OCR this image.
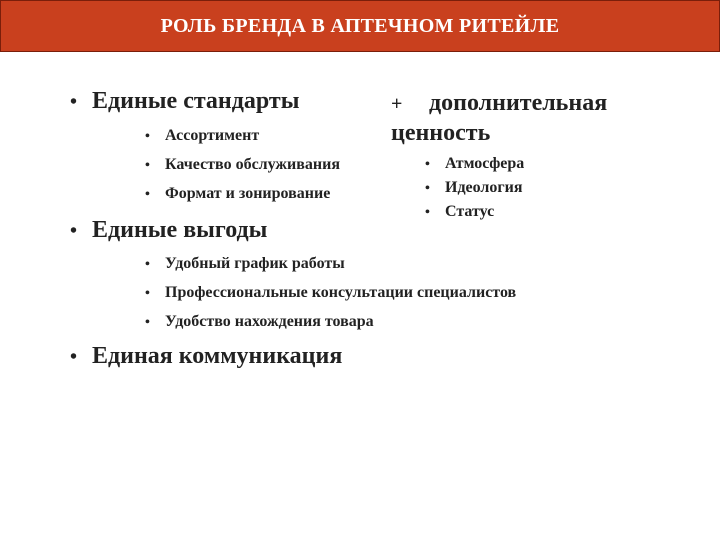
РОЛЬ БРЕНДА В АПТЕЧНОМ РИТЕЙЛЕ
• Единые стандарты
• Ассортимент
• Качество обслуживания
• Формат и зонирование
+ дополнительная
ценность
• Атмосфера
• Идеология
• Статус
• Единые выгоды
• Удобный график работы
• Профессиональные консультации специалистов
• Удобство нахождения товара
• Единая коммуникация
